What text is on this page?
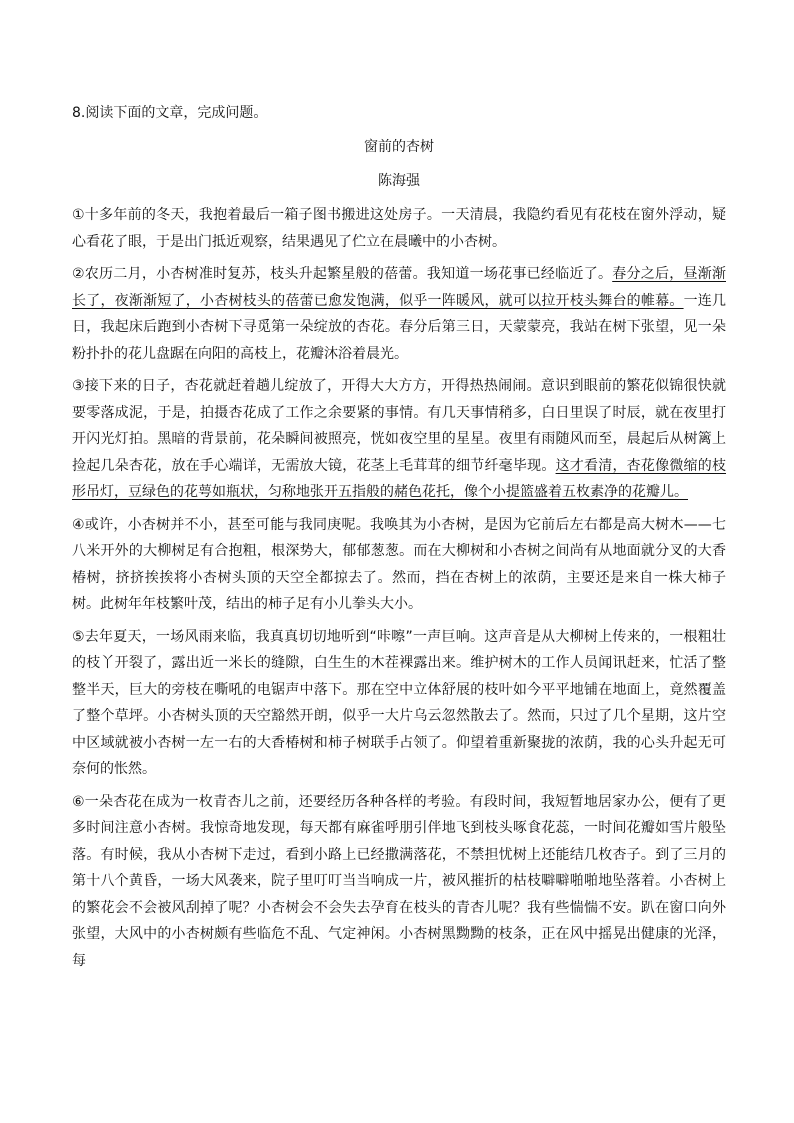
8.阅读下面的文章，完成问题。

窗前的杏树

陈海强

①十多年前的冬天，我抱着最后一箱子图书搬进这处房子。一天清晨，我隐约看见有花枝在窗外浮动，疑心看花了眼，于是出门抵近观察，结果遇见了伫立在晨曦中的小杏树。

②农历二月，小杏树准时复苏，枝头升起繁星般的蓓蕾。我知道一场花事已经临近了。春分之后，昼渐渐长了，夜渐渐短了，小杏树枝头的蓓蕾已愈发饱满，似乎一阵暖风，就可以拉开枝头舞台的帷幕。一连几日，我起床后跑到小杏树下寻觅第一朵绽放的杏花。春分后第三日，天蒙蒙亮，我站在树下张望，见一朵粉扑扑的花儿盘踞在向阳的高枝上，花瓣沐浴着晨光。

③接下来的日子，杏花就赶着趟儿绽放了，开得大大方方，开得热热闹闹。意识到眼前的繁花似锦很快就要零落成泥，于是，拍摄杏花成了工作之余要紧的事情。有几天事情稍多，白日里误了时辰，就在夜里打开闪光灯拍。黑暗的背景前，花朵瞬间被照亮，恍如夜空里的星星。夜里有雨随风而至，晨起后从树篱上捡起几朵杏花，放在手心端详，无需放大镜，花茎上毛茸茸的细节纤毫毕现。这才看清，杏花像微缩的枝形吊灯，豆绿色的花萼如瓶状，匀称地张开五指般的赭色花托，像个小提篮盛着五枚素净的花瓣儿。

④或许，小杏树并不小，甚至可能与我同庚呢。我唤其为小杏树，是因为它前后左右都是高大树木——七八米开外的大柳树足有合抱粗，根深势大，郁郁葱葱。而在大柳树和小杏树之间尚有从地面就分叉的大香椿树，挤挤挨挨将小杏树头顶的天空全都掠去了。然而，挡在杏树上的浓荫，主要还是来自一株大柿子树。此树年年枝繁叶茂，结出的柿子足有小儿拳头大小。

⑤去年夏天，一场风雨来临，我真真切切地听到“咔嚓”一声巨响。这声音是从大柳树上传来的，一根粗壮的枝丫开裂了，露出近一米长的缝隙，白生生的木茬裸露出来。维护树木的工作人员闻讯赶来，忙活了整整半天，巨大的旁枝在嘶吼的电锯声中落下。那在空中立体舒展的枝叶如今平平地铺在地面上，竟然覆盖了整个草坪。小杏树头顶的天空豁然开朗，似乎一大片乌云忽然散去了。然而，只过了几个星期，这片空中区域就被小杏树一左一右的大香椿树和柿子树联手占领了。仰望着重新聚拢的浓荫，我的心头升起无可奈何的怅然。

⑥一朵杏花在成为一枚青杏儿之前，还要经历各种各样的考验。有段时间，我短暂地居家办公，便有了更多时间注意小杏树。我惊奇地发现，每天都有麻雀呼朋引伴地飞到枝头啄食花蕊，一时间花瓣如雪片般坠落。有时候，我从小杏树下走过，看到小路上已经撒满落花，不禁担忧树上还能结几枚杏子。到了三月的第十八个黄昏，一场大风袭来，院子里叮叮当当响成一片，被风摧折的枯枝噼噼啪啪地坠落着。小杏树上的繁花会不会被风刮掉了呢？小杏树会不会失去孕育在枝头的青杏儿呢？我有些惴惴不安。趴在窗口向外张望，大风中的小杏树颇有些临危不乱、气定神闲。小杏树黑黝黝的枝条，正在风中摇晃出健康的光泽，每
